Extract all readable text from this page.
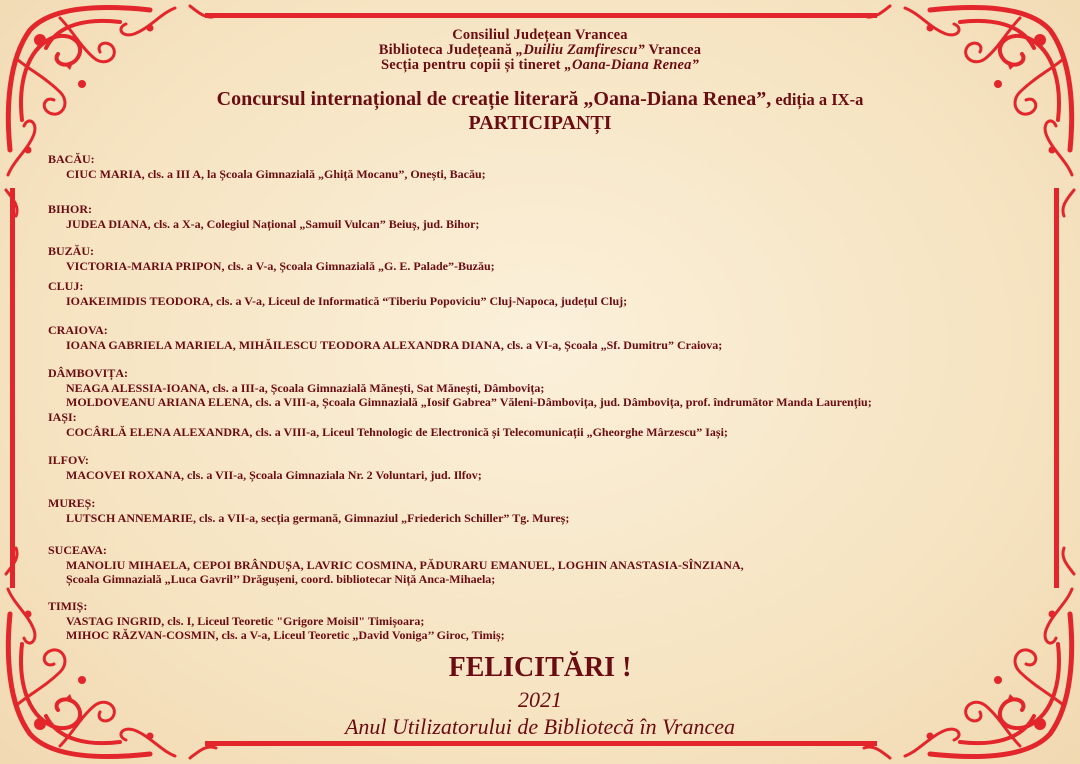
Consiliul Județean Vrancea
Biblioteca Județeană „Duiliu Zamfirescu” Vrancea
Secția pentru copii și tineret „Oana-Diana Renea”
Concursul internațional de creație literară „Oana-Diana Renea”, ediția a IX-a
PARTICIPANȚI
BACĂU:
CIUC MARIA, cls. a III A, la Școala Gimnazială „Ghiță Mocanu”, Onești, Bacău;
BIHOR:
JUDEA DIANA, cls. a X-a, Colegiul Național „Samuil Vulcan” Beiuș, jud. Bihor;
BUZĂU:
VICTORIA-MARIA PRIPON, cls. a V-a, Școala Gimnazială „G. E. Palade”-Buzău;
CLUJ:
IOAKEIMIDIS TEODORA, cls. a V-a, Liceul de Informatică “Tiberiu Popoviciu” Cluj-Napoca, județul Cluj;
CRAIOVA:
IOANA GABRIELA MARIELA, MIHĂILESCU TEODORA ALEXANDRA DIANA, cls. a VI-a, Școala „Sf. Dumitru” Craiova;
DÂMBOVIȚA:
NEAGA ALESSIA-IOANA, cls. a III-a, Școala Gimnazială Mănești, Sat Mănești, Dâmbovița;
MOLDOVEANU ARIANA ELENA, cls. a VIII-a, Școala Gimnazială „Iosif Gabrea” Văleni-Dâmbovița, jud. Dâmbovița, prof. îndrumător Manda Laurențiu;
IAȘI:
COCÂRLĂ ELENA ALEXANDRA, cls. a VIII-a, Liceul Tehnologic de Electronică și Telecomunicații „Gheorghe Mârzescu” Iași;
ILFOV:
MACOVEI ROXANA, cls. a VII-a, Școala Gimnaziala Nr. 2 Voluntari, jud. Ilfov;
MUREȘ:
LUTSCH ANNEMARIE, cls. a VII-a, secția germană, Gimnaziul „Friederich Schiller” Tg. Mureș;
SUCEAVA:
MANOLIU MIHAELA, CEPOI BRÂNDUȘA, LAVRIC COSMINA, PĂDURARU EMANUEL, LOGHIN ANASTASIA-SÎNZIANA,
Școala Gimnazială „Luca Gavril’’ Drăgușeni, coord. bibliotecar Niță Anca-Mihaela;
TIMIȘ:
VASTAG INGRID, cls. I, Liceul Teoretic "Grigore Moisil" Timișoara;
MIHOC RĂZVAN-COSMIN, cls. a V-a, Liceul Teoretic „David Voniga’’ Giroc, Timiș;
FELICITĂRI !
2021
Anul Utilizatorului de Bibliotecă în Vrancea
